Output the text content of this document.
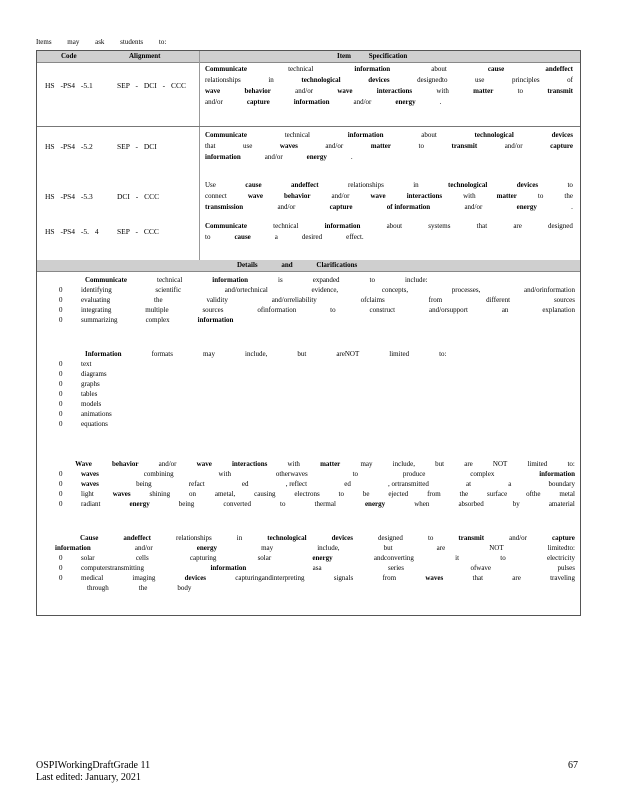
Items may ask students to:
Code	Alignment	Item Specification
HS -PS4 -5.1	SEP - DCI - CCC
Communicate	technical	information	about	cause	andeffect
relationships	in	technological	devices	designedto	use	principles	of
wave	behavior	and/or	wave	interactions	with	matter	to	transmit
and/or	capture	information	and/or	energy	.
HS -PS4 -5.2	SEP - DCI
Communicate	technical	information	about	technological	devices
that	use	waves	and/or	matter	to	transmit	and/or	capture
information	and/or	energy	.
HS -PS4 -5.3	DCI - CCC
Use	cause	andeffect	relationships	in	technological	devices	to
connect	wave	behavior	and/or	wave	interactions	with	matter	to	the
transmission	and/or	capture	of information	and/or	energy	.
HS -PS4 -5. 4 SEP - CCC
Communicate	technical	information	about	systems	that	are	designed
to	cause	a	desired	effect.
Details and Clarifications
Communicate	technical	information	is	expanded	to	include:
0	identifying	scientific	and/ortechnical	evidence,	concepts,	processes,	and/orinformation
0	evaluating	the	validity	and/orreliability	ofclaims	from	different	sources
0	integrating	multiple	sources	ofinformation	to	construct	and/orsupport	an	explanation
0	summarizing	complex	information
Information	formats	may	include,	but	areNOT	limited	to:
0	text
0	diagrams
0	graphs
0	tables
0	models
0	animations
0	equations
Wave	behavior	and/or	wave	interactions	with	matter	may	include,	but	are	NOT	limited	to:
0	waves	combining	with	otherwaves	to	produce	complex	information
0	waves	being	refact	ed	, reflect	ed	, ortransmitted	at	a	boundary
0	light	waves	shining	on	ametal,	causing	electrons	to	be	ejected	from	the	surface	ofthe	metal
0	radiant	energy	being	converted	to	thermal	energy	when	absorbed	by	amaterial
Cause	andeffect	relationships	in	technological	devices	designed	to	transmit	and/or	capture
information	and/or	energy	may	include,	but	are	NOT	limitedto:
0	solar	cells	capturing	solar	energy	andconverting	it	to	electricity
0	computerstransmitting	information	asa	series	ofwave	pulses
0	medical	imaging	devices	capturingandinterpreting	signals	from	waves	that	are	traveling
through	the	body
OSPIWorkingDraftGrade 11
Last edited: January, 2021
67
